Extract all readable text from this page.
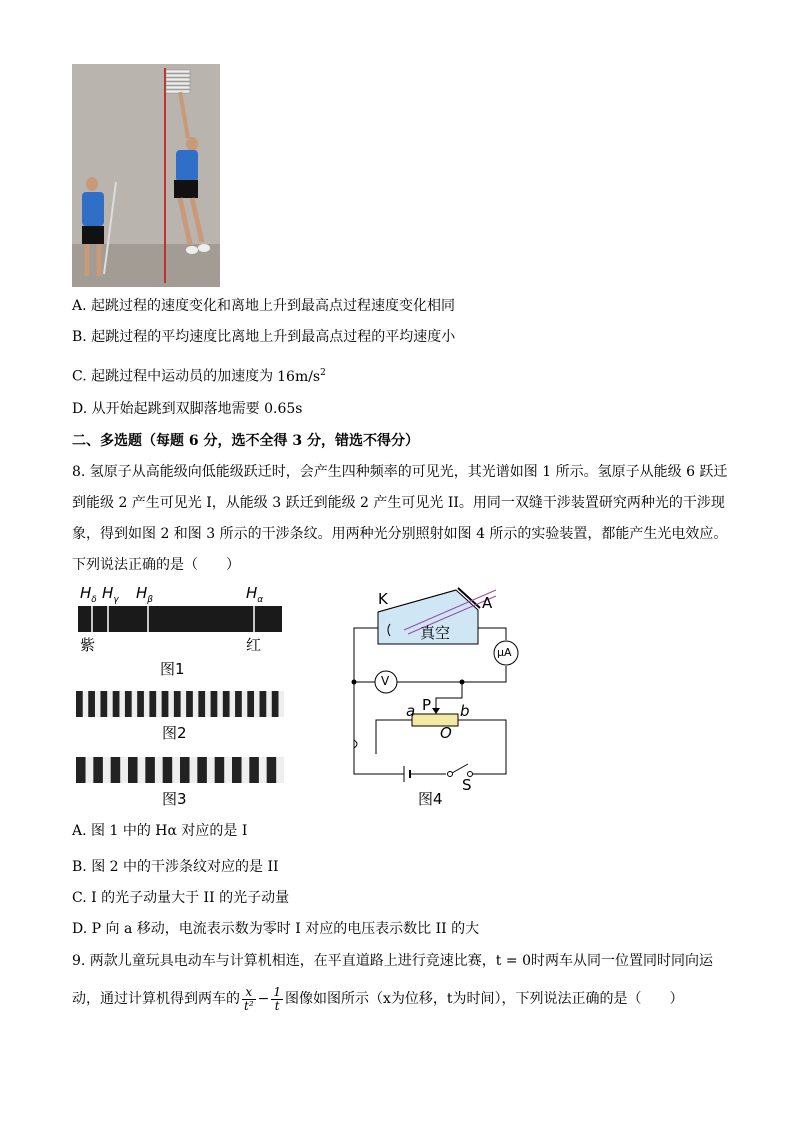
A. 起跳过程的速度变化和离地上升到最高点过程速度变化相同
B. 起跳过程的平均速度比离地上升到最高点过程的平均速度小
C. 起跳过程中运动员的加速度为 $16m/s^2$
D. 从开始起跳到双脚落地需要 0.65s
二、多选题（每题 6 分，选不全得 3 分，错选不得分）
8. 氢原子从高能级向低能级跃迁时，会产生四种频率的可见光，其光谱如图 1 所示。氢原子从能级 6 跃迁
到能级 2 产生可见光 I，从能级 3 跃迁到能级 2 产生可见光 II。用同一双缝干涉装置研究两种光的干涉现
象，得到如图 2 和图 3 所示的干涉条纹。用两种光分别照射如图 4 所示的实验装置，都能产生光电效应。
下列说法正确的是（　　）
$H_\delta$ $H_\gamma$ $H_\beta$	$H_\alpha$
紫	红
图1
图2
图3
K	A
真空
μA
V
P
a	b
O
S
图4
A. 图 1 中的 Hα 对应的是 I
B. 图 2 中的干涉条纹对应的是 II
C. I 的光子动量大于 II 的光子动量
D. P 向 a 移动，电流表示数为零时 I 对应的电压表示数比 II 的大
9. 两款儿童玩具电动车与计算机相连，在平直道路上进行竞速比赛，t = 0时两车从同一位置同时同向运
动，通过计算机得到两车的 $\frac{x}{\text{t²}} - \frac{1}{t}$ 图像如图所示（x为位移，t为时间），下列说法正确的是（　　）
